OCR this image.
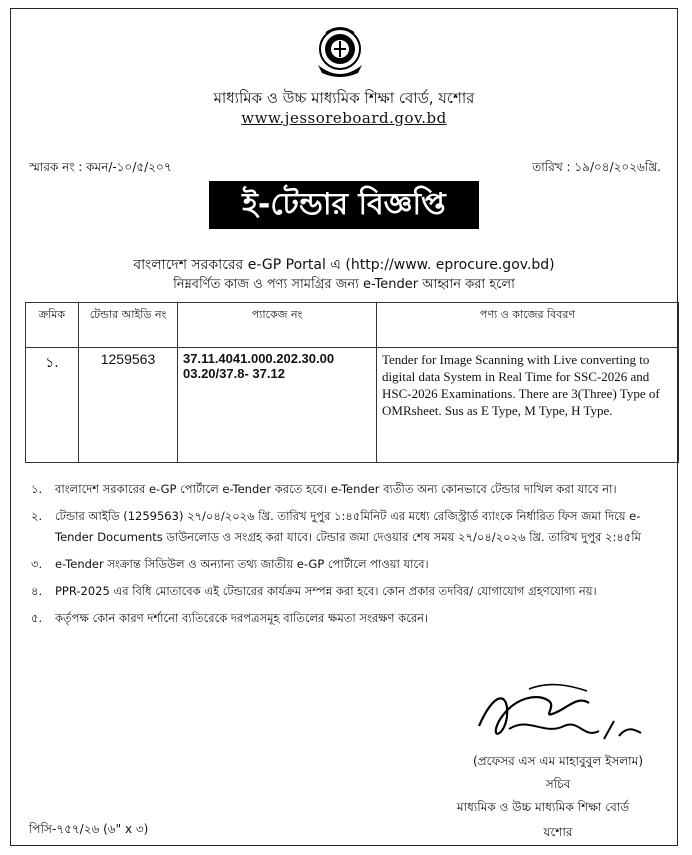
মাধ্যমিক ও উচ্চ মাধ্যমিক শিক্ষা বোর্ড, যশোর
www.jessoreboard.gov.bd
স্মারক নং : কমন/-১০/৫/২০৭	তারিখ : ১৯/০৪/২০২৬খ্রি.
ই-টেন্ডার বিজ্ঞপ্তি
বাংলাদেশ সরকারের e-GP Portal এ (http://www. eprocure.gov.bd)
নিম্নবর্ণিত কাজ ও পণ্য সামগ্রির জন্য e-Tender আহ্বান করা হলো
ক্রমিক	টেন্ডার আইডি নং	প্যাকেজ নং	পণ্য ও কাজের বিবরণ
১.	1259563	37.11.4041.000.202.30.00 03.20/37.8- 37.12	Tender for Image Scanning with Live converting to digital data System in Real Time for SSC-2026 and HSC-2026 Examinations. There are 3(Three) Type of OMRsheet. Sus as E Type, M Type, H Type.
১. বাংলাদেশ সরকারের e-GP পোর্টালে e-Tender করতে হবে। e-Tender ব্যতীত অন্য কোনভাবে টেন্ডার দাখিল করা যাবে না।
২. টেন্ডার আইডি (1259563) ২৭/০৪/২০২৬ খ্রি. তারিখ দুপুর ১:৪৫মিনিট এর মধ্যে রেজিস্ট্রার্ড ব্যাংকে নির্ধারিত ফিস জমা দিয়ে e-Tender Documents ডাউনলোড ও সংগ্রহ করা যাবে। টেন্ডার জমা দেওয়ার শেষ সময় ২৭/০৪/২০২৬ খ্রি. তারিখ দুপুর ২:৪৫মি
৩. e-Tender সংক্রান্ত সিডিউল ও অন্যান্য তথ্য জাতীয় e-GP পোর্টালে পাওয়া যাবে।
৪. PPR-2025 এর বিধি মোতাবেক এই টেন্ডারের কার্যক্রম সম্পন্ন করা হবে। কোন প্রকার তদবির/ যোগাযোগ গ্রহণযোগ্য নয়।
৫. কর্তৃপক্ষ কোন কারণ দর্শানো ব্যতিরেকে দরপত্রসমূহ বাতিলের ক্ষমতা সংরক্ষণ করেন।
(প্রফেসর এস এম মাহাবুবুল ইসলাম)
সচিব
মাধ্যমিক ও উচ্চ মাধ্যমিক শিক্ষা বোর্ড
যশোর
পিসি-৭৫৭/২৬ (৬" x ৩)
